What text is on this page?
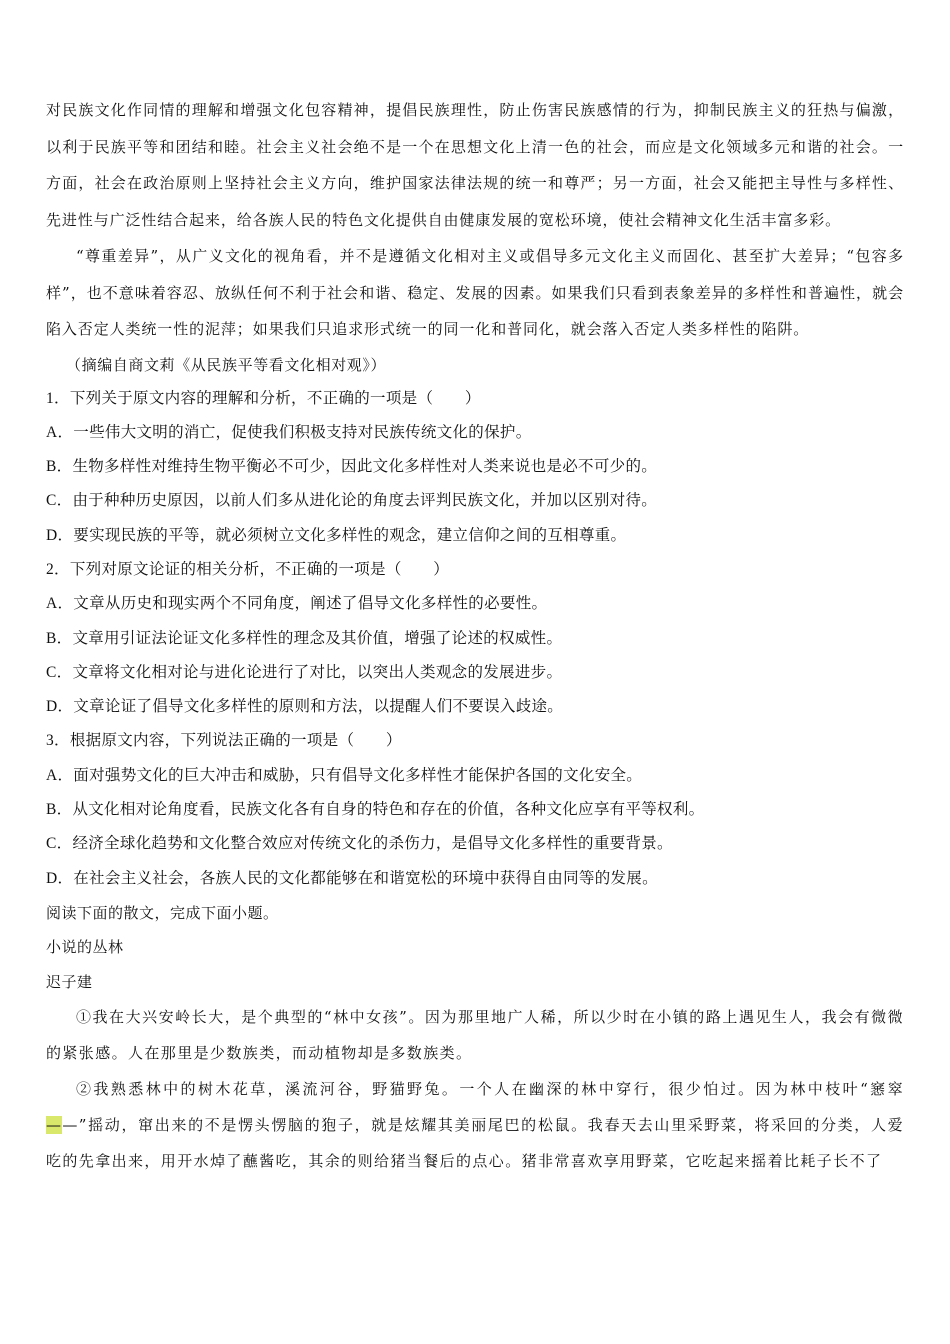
对民族文化作同情的理解和增强文化包容精神，提倡民族理性，防止伤害民族感情的行为，抑制民族主义的狂热与偏激，以利于民族平等和团结和睦。社会主义社会绝不是一个在思想文化上清一色的社会，而应是文化领域多元和谐的社会。一方面，社会在政治原则上坚持社会主义方向，维护国家法律法规的统一和尊严；另一方面，社会又能把主导性与多样性、先进性与广泛性结合起来，给各族人民的特色文化提供自由健康发展的宽松环境，使社会精神文化生活丰富多彩。
“尊重差异”，从广义文化的视角看，并不是遵循文化相对主义或倡导多元文化主义而固化、甚至扩大差异；“包容多样”，也不意味着容忍、放纵任何不利于社会和谐、稳定、发展的因素。如果我们只看到表象差异的多样性和普遍性，就会陷入否定人类统一性的泥萍；如果我们只追求形式统一的同一化和普同化，就会落入否定人类多样性的陷阱。
（摘编自商文莉《从民族平等看文化相对观》）
1．下列关于原文内容的理解和分析，不正确的一项是（　　）
A．一些伟大文明的消亡，促使我们积极支持对民族传统文化的保护。
B．生物多样性对维持生物平衡必不可少，因此文化多样性对人类来说也是必不可少的。
C．由于种种历史原因，以前人们多从进化论的角度去评判民族文化，并加以区别对待。
D．要实现民族的平等，就必须树立文化多样性的观念，建立信仰之间的互相尊重。
2．下列对原文论证的相关分析，不正确的一项是（　　）
A．文章从历史和现实两个不同角度，阐述了倡导文化多样性的必要性。
B．文章用引证法论证文化多样性的理念及其价值，增强了论述的权威性。
C．文章将文化相对论与进化论进行了对比，以突出人类观念的发展进步。
D．文章论证了倡导文化多样性的原则和方法，以提醒人们不要误入歧途。
3．根据原文内容，下列说法正确的一项是（　　）
A．面对强势文化的巨大冲击和威胁，只有倡导文化多样性才能保护各国的文化安全。
B．从文化相对论角度看，民族文化各有自身的特色和存在的价值，各种文化应享有平等权利。
C．经济全球化趋势和文化整合效应对传统文化的杀伤力，是倡导文化多样性的重要背景。
D．在社会主义社会，各族人民的文化都能够在和谐宽松的环境中获得自由同等的发展。
阅读下面的散文，完成下面小题。
小说的丛林
迟子建
①我在大兴安岭长大，是个典型的“林中女孩”。因为那里地广人稀，所以少时在小镇的路上遇见生人，我会有微微的紧张感。人在那里是少数族类，而动植物却是多数族类。
②我熟悉林中的树木花草，溪流河谷，野猫野兔。一个人在幽深的林中穿行，很少怕过。因为林中枝叶“窸窣——”摇动，窜出来的不是愣头愣脑的狍子，就是炫耀其美丽尾巴的松鼠。我春天去山里采野菜，将采回的分类，人爱吃的先拿出来，用开水焯了蘸酱吃，其余的则给猪当餐后的点心。猪非常喜欢享用野菜，它吃起来摇着比耗子长不了
